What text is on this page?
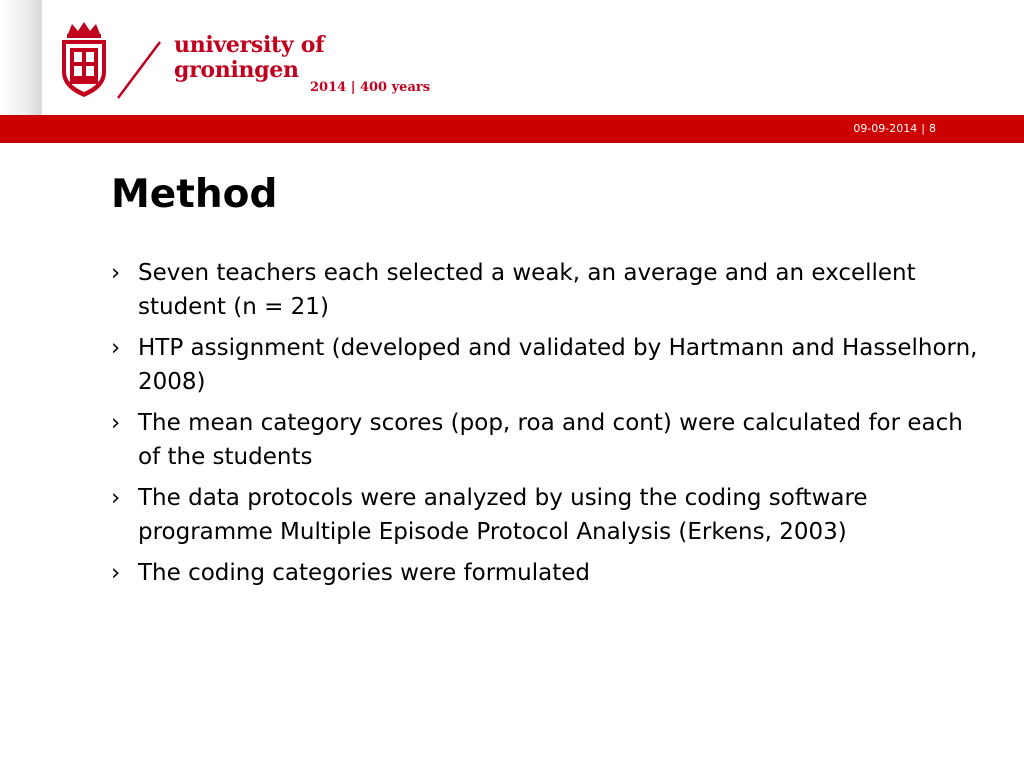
university of
groningen
2014 | 400 years
09-09-2014 | 8
Method
› Seven teachers each selected a weak, an average and an excellent student (n = 21)
› HTP assignment (developed and validated by Hartmann and Hasselhorn, 2008)
› The mean category scores (pop, roa and cont) were calculated for each of the students
› The data protocols were analyzed by using the coding software programme Multiple Episode Protocol Analysis (Erkens, 2003)
› The coding categories were formulated
